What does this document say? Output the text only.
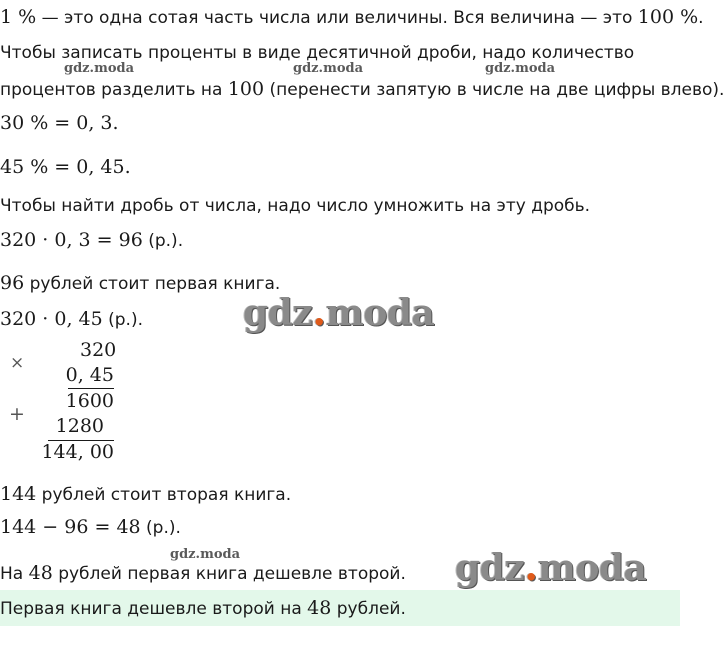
1 % — это одна сотая часть числа или величины. Вся величина — это 100 %.
Чтобы записать проценты в виде десятичной дроби, надо количество
gdz.moda	gdz.moda	gdz.moda
процентов разделить на 100 (перенести запятую в числе на две цифры влево).
30 % = 0, 3.
45 % = 0, 45.
Чтобы найти дробь от числа, надо число умножить на эту дробь.
320 · 0, 3 = 96 (р.).
96 рублей стоит первая книга.
320 · 0, 45 (р.).	gdz.moda
×
320
0, 45
1600
+
1280
144, 00
144 рублей стоит вторая книга.
144 − 96 = 48 (р.).
gdz.moda
На 48 рублей первая книга дешевле второй. gdz.moda
Первая книга дешевле второй на 48 рублей.
